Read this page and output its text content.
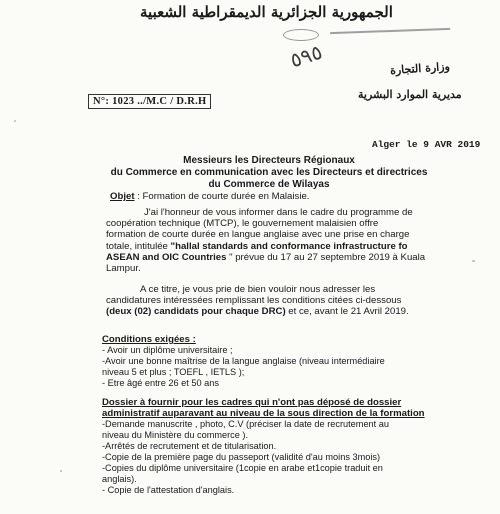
الجمهورية الجزائرية الديمقراطية الشعبية
وزارة التجارة
مديرية الموارد البشرية
٥٩٥
N°: 1023 ../M.C / D.R.H
Alger le 9 AVR 2019
Messieurs les Directeurs Régionaux
du Commerce en communication avec les Directeurs et directrices
du Commerce de Wilayas
Objet : Formation de courte durée en Malaisie.
J'ai l'honneur de vous informer dans le cadre du programme de
coopération technique (MTCP), le gouvernement malaisien offre
formation de courte durée en langue anglaise avec une prise en charge
totale, intitulée "hallal standards and conformance infrastructure fo
ASEAN and OIC Countries " prévue du 17 au 27 septembre 2019 à Kuala
Lampur.
A ce titre, je vous prie de bien vouloir nous adresser les
candidatures intéressées remplissant les conditions citées ci-dessous
(deux (02) candidats pour chaque DRC) et ce, avant le 21 Avril 2019.
Conditions exigées :
- Avoir un diplôme universitaire ;
-Avoir une bonne maîtrise de la langue anglaise (niveau intermédiaire
niveau 5 et plus ; TOEFL , IETLS );
- Etre âgé entre 26 et 50 ans
Dossier à fournir pour les cadres qui n'ont pas déposé de dossier
administratif auparavant au niveau de la sous direction de la formation
-Demande manuscrite , photo, C.V (préciser la date de recrutement au
niveau du Ministère du commerce ).
-Arrêtés de recrutement et de titularisation.
-Copie de la première page du passeport (validité d'au moins 3mois)
-Copies du diplôme universitaire (1copie en arabe et1copie traduit en
anglais).
- Copie de l'attestation d'anglais.
